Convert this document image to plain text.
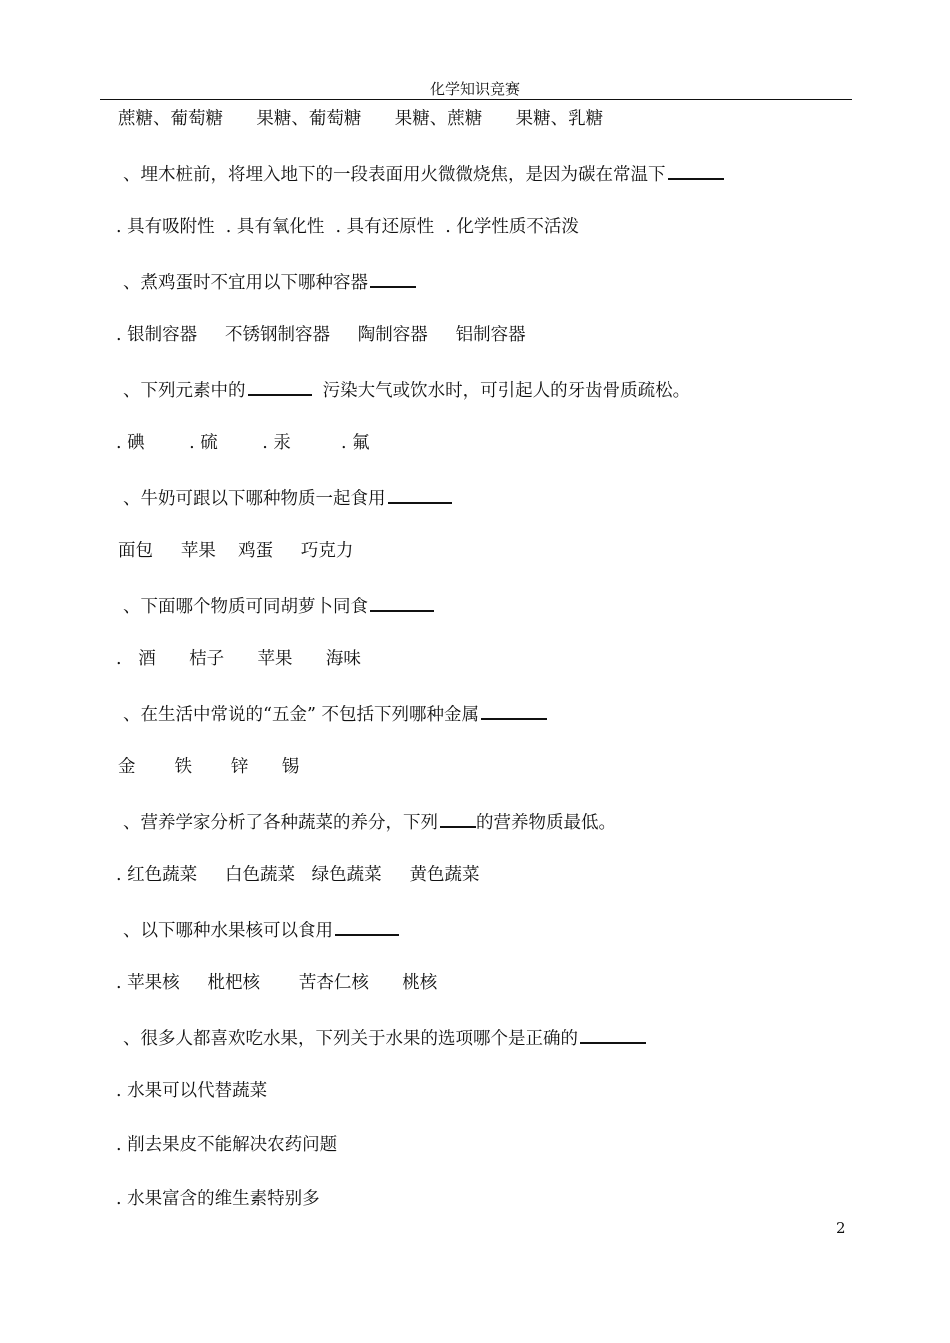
化学知识竞赛
蔗糖、葡萄糖      果糖、葡萄糖      果糖、蔗糖      果糖、乳糖
、埋木桩前，将埋入地下的一段表面用火微微烧焦，是因为碳在常温下
. 具有吸附性  . 具有氧化性  . 具有还原性  . 化学性质不活泼
、煮鸡蛋时不宜用以下哪种容器
. 银制容器     不锈钢制容器     陶制容器     铝制容器
、下列元素中的	污染大气或饮水时，可引起人的牙齿骨质疏松。
. 碘        . 硫        . 汞         . 氟
、牛奶可跟以下哪种物质一起食用
面包     苹果    鸡蛋     巧克力
、下面哪个物质可同胡萝卜同食
.   酒      桔子      苹果      海味
、在生活中常说的“五金” 不包括下列哪种金属
金       铁       锌      锡
、营养学家分析了各种蔬菜的养分，下列 的营养物质最低。
. 红色蔬菜     白色蔬菜   绿色蔬菜     黄色蔬菜
、以下哪种水果核可以食用
. 苹果核     枇杷核       苦杏仁核      桃核
、很多人都喜欢吃水果，下列关于水果的选项哪个是正确的
. 水果可以代替蔬菜
. 削去果皮不能解决农药问题
. 水果富含的维生素特别多
2
